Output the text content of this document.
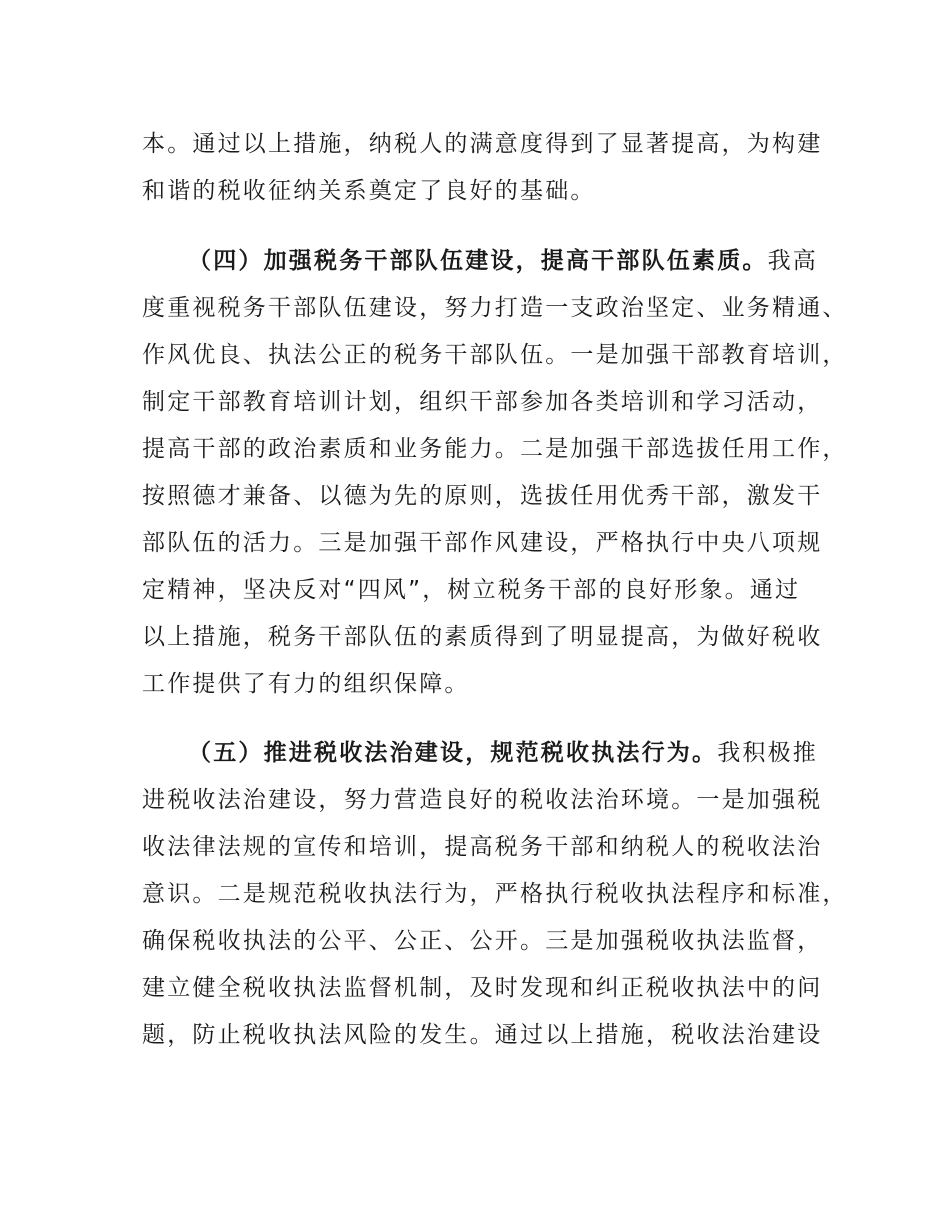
本。通过以上措施，纳税人的满意度得到了显著提高，为构建
和谐的税收征纳关系奠定了良好的基础。
（四）加强税务干部队伍建设，提高干部队伍素质。我高
度重视税务干部队伍建设，努力打造一支政治坚定、业务精通、
作风优良、执法公正的税务干部队伍。一是加强干部教育培训，
制定干部教育培训计划，组织干部参加各类培训和学习活动，
提高干部的政治素质和业务能力。二是加强干部选拔任用工作，
按照德才兼备、以德为先的原则，选拔任用优秀干部，激发干
部队伍的活力。三是加强干部作风建设，严格执行中央八项规
定精神，坚决反对“四风”，树立税务干部的良好形象。通过
以上措施，税务干部队伍的素质得到了明显提高，为做好税收
工作提供了有力的组织保障。
（五）推进税收法治建设，规范税收执法行为。我积极推
进税收法治建设，努力营造良好的税收法治环境。一是加强税
收法律法规的宣传和培训，提高税务干部和纳税人的税收法治
意识。二是规范税收执法行为，严格执行税收执法程序和标准，
确保税收执法的公平、公正、公开。三是加强税收执法监督，
建立健全税收执法监督机制，及时发现和纠正税收执法中的问
题，防止税收执法风险的发生。通过以上措施，税收法治建设
